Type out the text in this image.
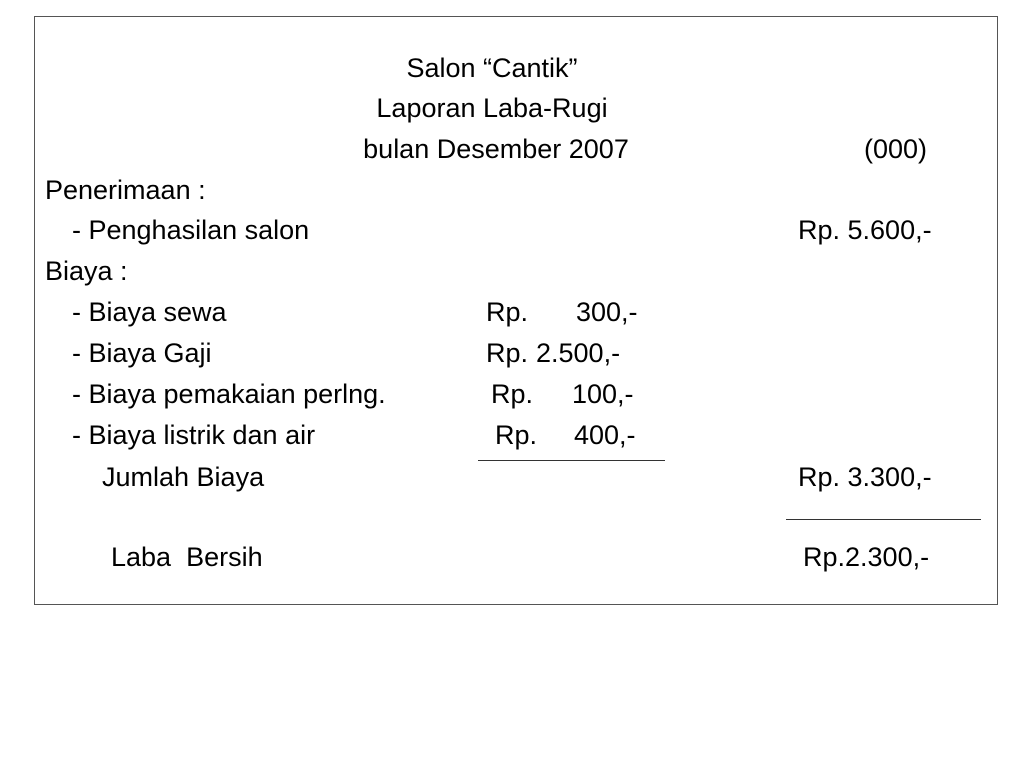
Salon “Cantik”
Laporan Laba-Rugi
bulan Desember 2007	(000)
Penerimaan :
- Penghasilan salon	Rp. 5.600,-
Biaya :
- Biaya sewa	Rp. 300,-
- Biaya Gaji	Rp. 2.500,-
- Biaya pemakaian perlng.	Rp. 100,-
- Biaya listrik dan air	Rp. 400,-
Jumlah Biaya	Rp. 3.300,-
Laba  Bersih	Rp.2.300,-
